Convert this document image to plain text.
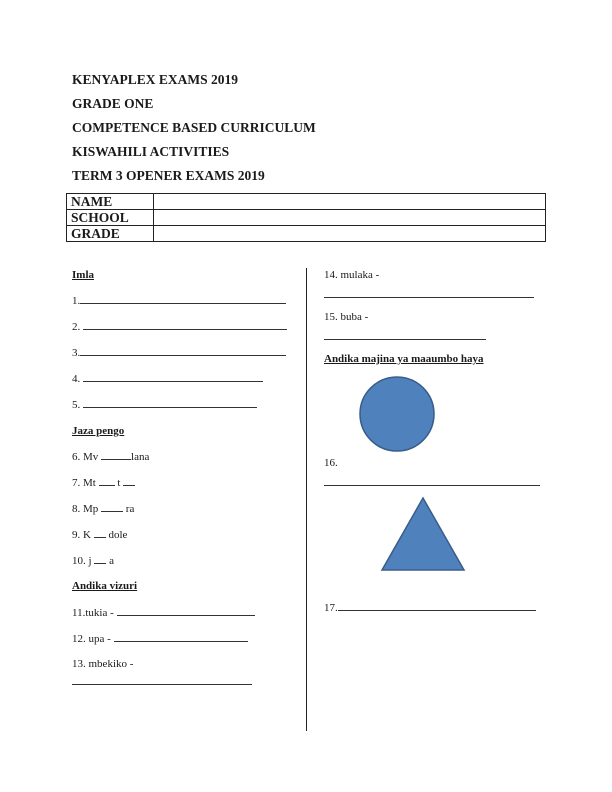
KENYAPLEX EXAMS 2019
GRADE ONE
COMPETENCE BASED CURRICULUM
KISWAHILI ACTIVITIES
TERM 3 OPENER EXAMS 2019
NAME	
SCHOOL	
GRADE	
Imla
1.
2.
3.
4.
5.
Jaza pengo
6. Mv	lana
7. Mt  t
8. Mp  ra
9. K  dole
10. j  a
Andika vizuri
11.tukia -
12. upa -
13. mbekiko -
14. mulaka -
15. buba -
Andika majina ya maaumbo haya
16.
17.
